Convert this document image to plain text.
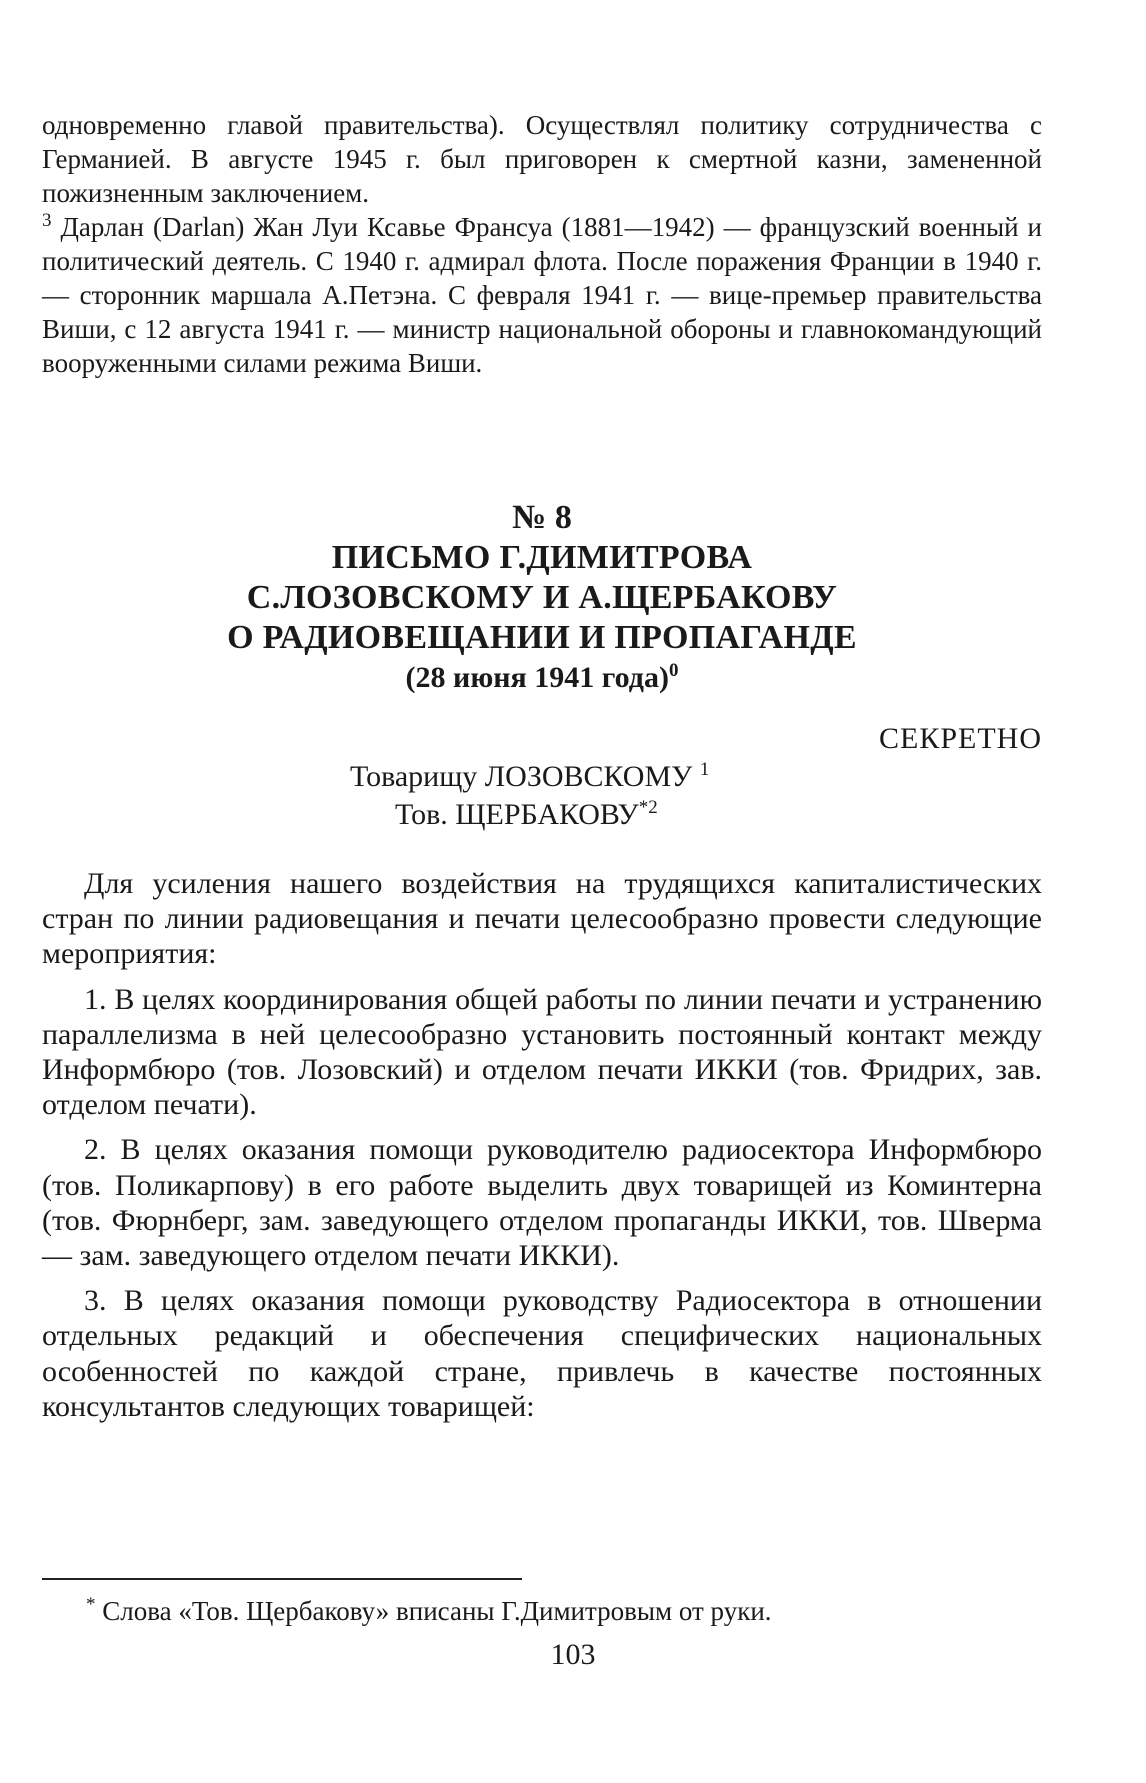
одновременно главой правительства). Осуществлял политику сотрудничества с Германией. В августе 1945 г. был приговорен к смертной казни, замененной пожизненным заключением.

$^3$ Дарлан (Darlan) Жан Луи Ксавье Франсуа (1881—1942) — французский военный и политический деятель. С 1940 г. адмирал флота. После поражения Франции в 1940 г. — сторонник маршала А.Петэна. С февраля 1941 г. — вице-премьер правительства Виши, с 12 августа 1941 г. — министр национальной обороны и главнокомандующий вооруженными силами режима Виши.

№ 8
ПИСЬМО Г.ДИМИТРОВА
С.ЛОЗОВСКОМУ И А.ЩЕРБАКОВУ
О РАДИОВЕЩАНИИ И ПРОПАГАНДЕ
(28 июня 1941 года)$^0$
СЕКРЕТНО
Товарищу ЛОЗОВСКОМУ $^1$
Тов. ЩЕРБАКОВУ$^{*2}$

Для усиления нашего воздействия на трудящихся капиталистических стран по линии радиовещания и печати целесообразно провести следующие мероприятия:

1. В целях координирования общей работы по линии печати и устранению параллелизма в ней целесообразно установить постоянный контакт между Информбюро (тов. Лозовский) и отделом печати ИККИ (тов. Фридрих, зав. отделом печати).

2. В целях оказания помощи руководителю радиосектора Информбюро (тов. Поликарпову) в его работе выделить двух товарищей из Коминтерна (тов. Фюрнберг, зам. заведующего отделом пропаганды ИККИ, тов. Шверма — зам. заведующего отделом печати ИККИ).

3. В целях оказания помощи руководству Радиосектора в отношении отдельных редакций и обеспечения специфических национальных особенностей по каждой стране, привлечь в качестве постоянных консультантов следующих товарищей:

* Слова «Тов. Щербакову» вписаны Г.Димитровым от руки.
103
